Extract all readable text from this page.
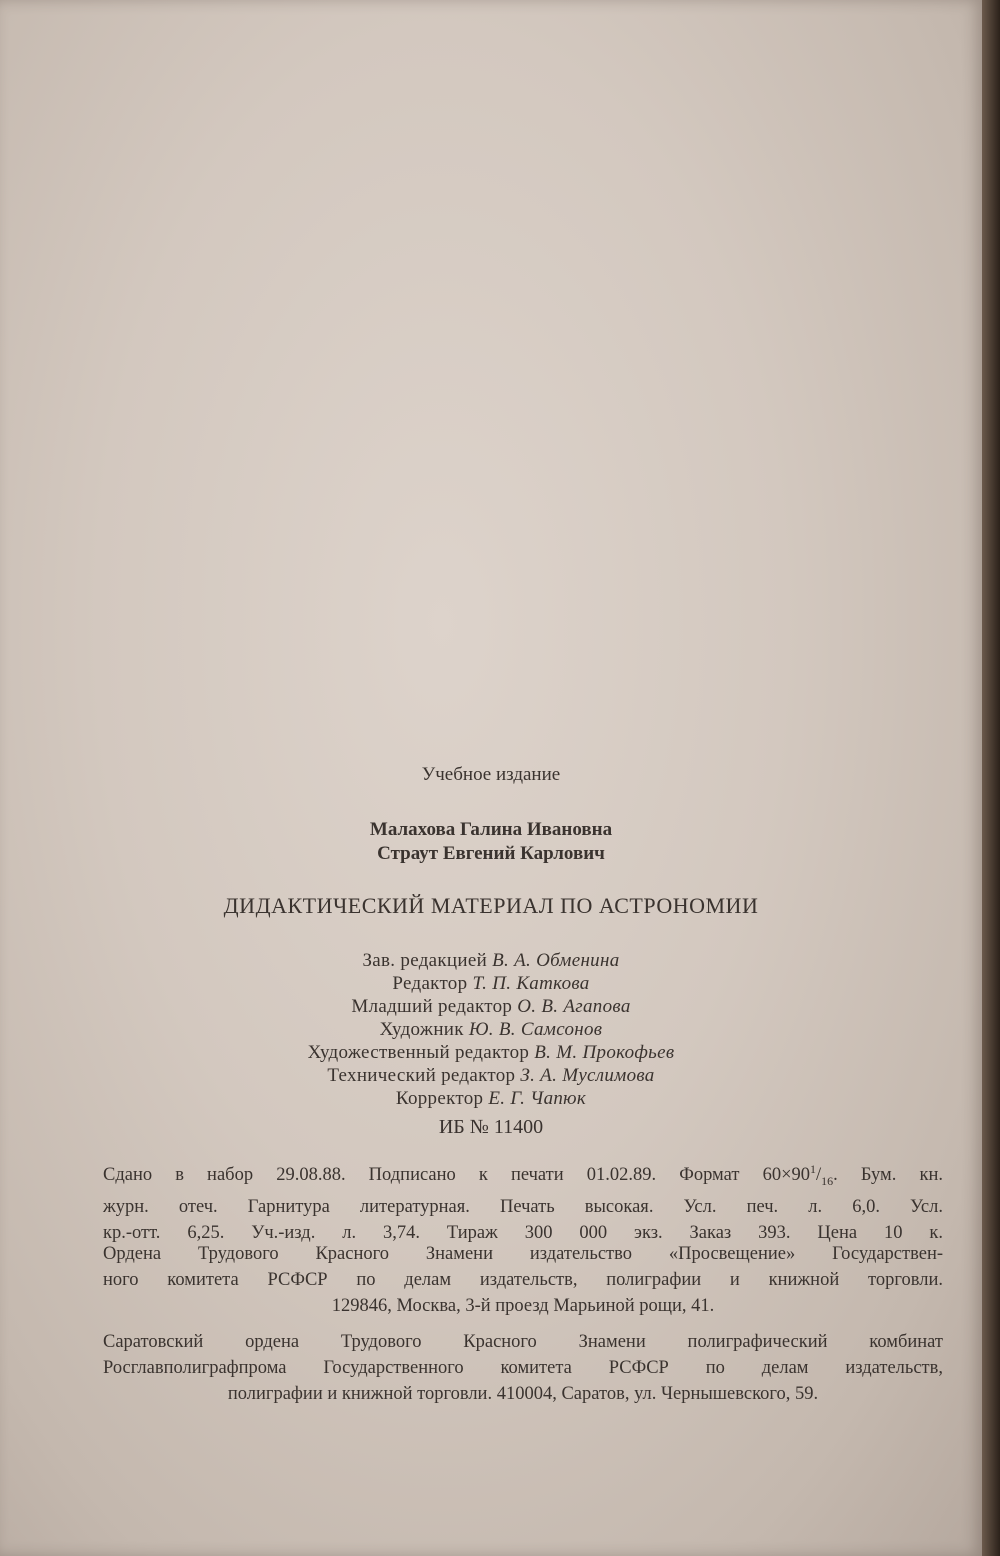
Учебное издание
Малахова Галина Ивановна
Страут Евгений Карлович
ДИДАКТИЧЕСКИЙ МАТЕРИАЛ ПО АСТРОНОМИИ
Зав. редакцией В. А. Обменина
Редактор Т. П. Каткова
Младший редактор О. В. Агапова
Художник Ю. В. Самсонов
Художественный редактор В. М. Прокофьев
Технический редактор З. А. Муслимова
Корректор Е. Г. Чапюк
ИБ № 11400
Сдано в набор 29.08.88. Подписано к печати 01.02.89. Формат $60\times 90^1/_{16}$. Бум. кн.
журн. отеч. Гарнитура литературная. Печать высокая. Усл. печ. л. 6,0. Усл.
кр.-отт. 6,25. Уч.-изд. л. 3,74. Тираж 300 000 экз. Заказ 393. Цена 10 к.
Ордена Трудового Красного Знамени издательство «Просвещение» Государствен-
ного комитета РСФСР по делам издательств, полиграфии и книжной торговли.
129846, Москва, 3-й проезд Марьиной рощи, 41.
Саратовский ордена Трудового Красного Знамени полиграфический комбинат
Росглавполиграфпрома Государственного комитета РСФСР по делам издательств,
полиграфии и книжной торговли. 410004, Саратов, ул. Чернышевского, 59.
